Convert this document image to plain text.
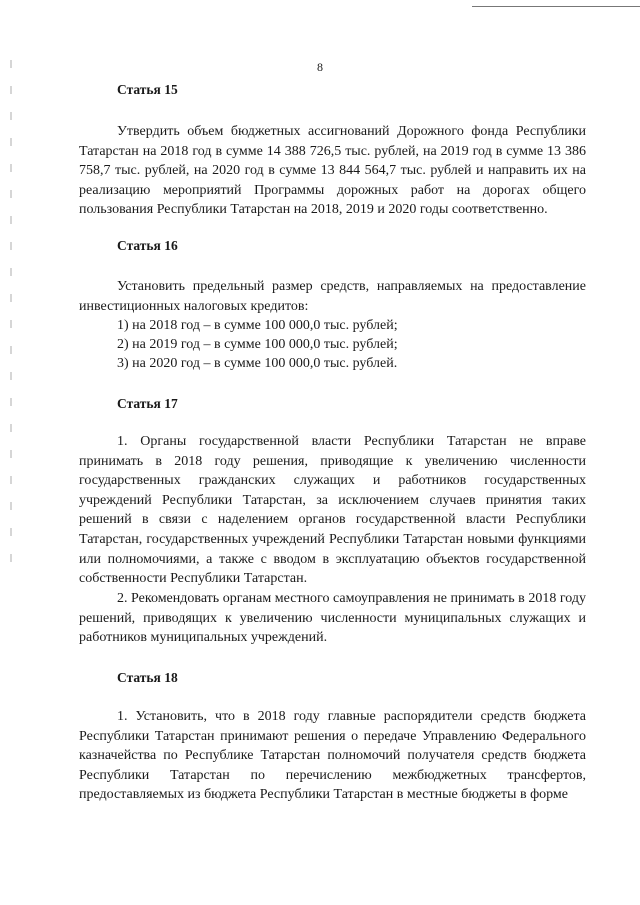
8
Статья 15
Утвердить объем бюджетных ассигнований Дорожного фонда Республики Татарстан на 2018 год в сумме 14 388 726,5 тыс. рублей, на 2019 год в сумме 13 386 758,7 тыс. рублей, на 2020 год в сумме 13 844 564,7 тыс. рублей и направить их на реализацию мероприятий Программы дорожных работ на дорогах общего пользования Республики Татарстан на 2018, 2019 и 2020 годы соответственно.
Статья 16
Установить предельный размер средств, направляемых на предоставление инвестиционных налоговых кредитов:
1) на 2018 год – в сумме 100 000,0 тыс. рублей;
2) на 2019 год – в сумме 100 000,0 тыс. рублей;
3) на 2020 год – в сумме 100 000,0 тыс. рублей.
Статья 17
1. Органы государственной власти Республики Татарстан не вправе принимать в 2018 году решения, приводящие к увеличению численности государственных гражданских служащих и работников государственных учреждений Республики Татарстан, за исключением случаев принятия таких решений в связи с наделением органов государственной власти Республики Татарстан, государственных учреждений Республики Татарстан новыми функциями или полномочиями, а также с вводом в эксплуатацию объектов государственной собственности Республики Татарстан.
2. Рекомендовать органам местного самоуправления не принимать в 2018 году решений, приводящих к увеличению численности муниципальных служащих и работников муниципальных учреждений.
Статья 18
1. Установить, что в 2018 году главные распорядители средств бюджета Республики Татарстан принимают решения о передаче Управлению Федерального казначейства по Республике Татарстан полномочий получателя средств бюджета Республики Татарстан по перечислению межбюджетных трансфертов, предоставляемых из бюджета Республики Татарстан в местные бюджеты в форме
